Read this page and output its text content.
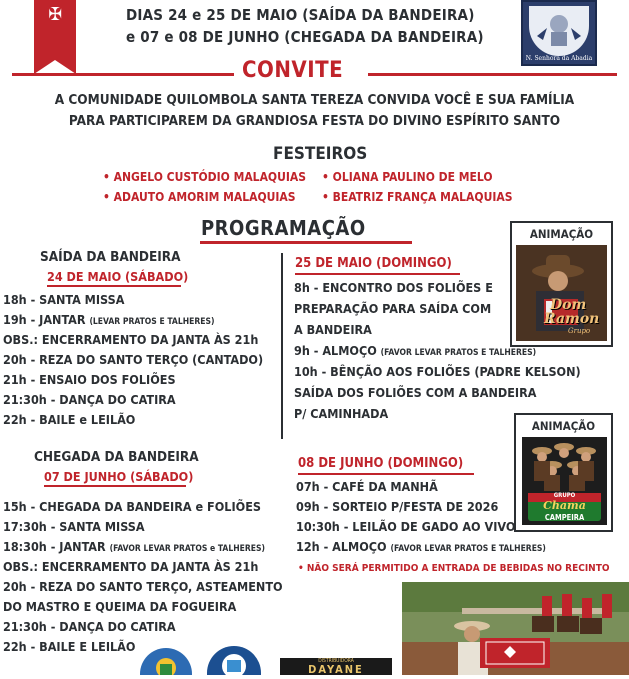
✠	DIAS 24 e 25 DE MAIO (SAÍDA DA BANDEIRA)
e 07 e 08 DE JUNHO (CHEGADA DA BANDEIRA)
N. Senhora da Abadia
CONVITE
A COMUNIDADE QUILOMBOLA SANTA TEREZA CONVIDA VOCÊ E SUA FAMÍLIA
PARA PARTICIPAREM DA GRANDIOSA FESTA DO DIVINO ESPÍRITO SANTO
FESTEIROS
• ANGELO CUSTÓDIO MALAQUIAS
• ADAUTO AMORIM MALAQUIAS
• OLIANA PAULINO DE MELO
• BEATRIZ FRANÇA MALAQUIAS
PROGRAMAÇÃO
SAÍDA DA BANDEIRA
24 DE MAIO (SÁBADO)
18h - SANTA MISSA
19h - JANTAR (LEVAR PRATOS E TALHERES)
OBS.: ENCERRAMENTO DA JANTA ÀS 21h
20h - REZA DO SANTO TERÇO (CANTADO)
21h - ENSAIO DOS FOLIÕES
21:30h - DANÇA DO CATIRA
22h - BAILE e LEILÃO
CHEGADA DA BANDEIRA
07 DE JUNHO (SÁBADO)
15h - CHEGADA DA BANDEIRA e FOLIÕES
17:30h - SANTA MISSA
18:30h - JANTAR (FAVOR LEVAR PRATOS e TALHERES)
OBS.: ENCERRAMENTO DA JANTA ÀS 21h
20h - REZA DO SANTO TERÇO, ASTEAMENTO
DO MASTRO E QUEIMA DA FOGUEIRA
21:30h - DANÇA DO CATIRA
22h - BAILE E LEILÃO
25 DE MAIO (DOMINGO)
8h - ENCONTRO DOS FOLIÕES E
PREPARAÇÃO PARA SAÍDA COM
A BANDEIRA
9h - ALMOÇO (FAVOR LEVAR PRATOS E TALHERES)
10h - BÊNÇÃO AOS FOLIÕES (PADRE KELSON)
SAÍDA DOS FOLIÕES COM A BANDEIRA
P/ CAMINHADA
ANIMAÇÃO
Dom
Ramon
Grupo
ANIMAÇÃO
GRUPO
Chama
CAMPEIRA
08 DE JUNHO (DOMINGO)
07h - CAFÉ DA MANHÃ
09h - SORTEIO P/FESTA DE 2026
10:30h - LEILÃO DE GADO AO VIVO
12h - ALMOÇO (FAVOR LEVAR PRATOS E TALHERES)
• NÃO SERÁ PERMITIDO A ENTRADA DE BEBIDAS NO RECINTO
DISTRIBUIDORA
DAYANE
